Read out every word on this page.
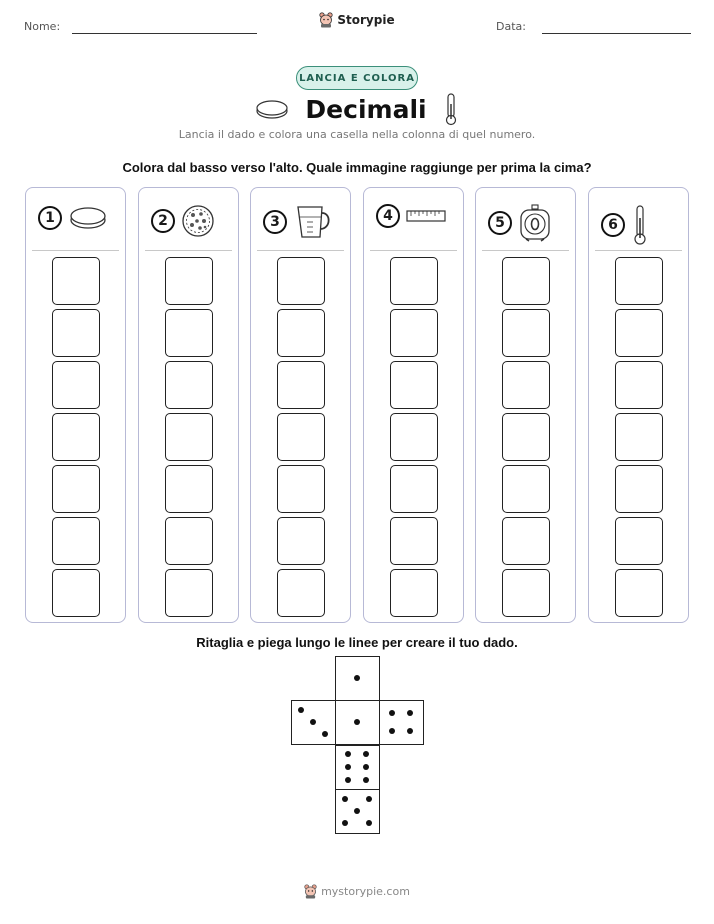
Nome:	Data:
Storypie
LANCIA E COLORA
Decimali
Lancia il dado e colora una casella nella colonna di quel numero.
Colora dal basso verso l'alto. Quale immagine raggiunge per prima la cima?
1	2	3	4	5	6
Ritaglia e piega lungo le linee per creare il tuo dado.
mystorypie.com
